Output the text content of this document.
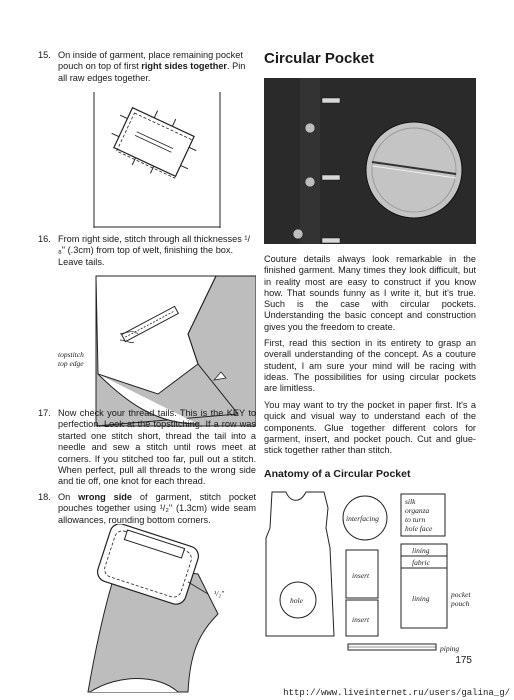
15. On inside of garment, place remaining pocket pouch on top of first right sides together. Pin all raw edges together.
16. From right side, stitch through all thicknesses ¹/₈" (.3cm) from top of welt, finishing the box. Leave tails.
topstitch
top edge
17. Now check your thread tails. This is the KEY to perfection. Look at the topstitching. If a row was started one stitch short, thread the tail into a needle and sew a stitch until rows meet at corners. If you stitched too far, pull out a stitch. When perfect, pull all threads to the wrong side and tie off, one knot for each thread.
18. On wrong side of garment, stitch pocket pouches together using ¹/₂" (1.3cm) wide seam allowances, rounding bottom corners.
¹/₂"
Circular Pocket
Couture details always look remarkable in the finished garment. Many times they look difficult, but in reality most are easy to construct if you know how. That sounds funny as I write it, but it's true. Such is the case with circular pockets. Understanding the basic concept and construction gives you the freedom to create.
First, read this section in its entirety to grasp an overall understanding of the concept. As a couture student, I am sure your mind will be racing with ideas. The possibilities for using circular pockets are limitless.
You may want to try the pocket in paper first. It's a quick and visual way to understand each of the components. Glue together different colors for garment, insert, and pocket pouch. Cut and glue-stick together rather than stitch.
Anatomy of a Circular Pocket
hole
interfacing
insert
insert
silk
organza
to turn
hole face
lining
fabric
lining	pocket
pouch
piping
175
http://www.liveinternet.ru/users/galina_g/
